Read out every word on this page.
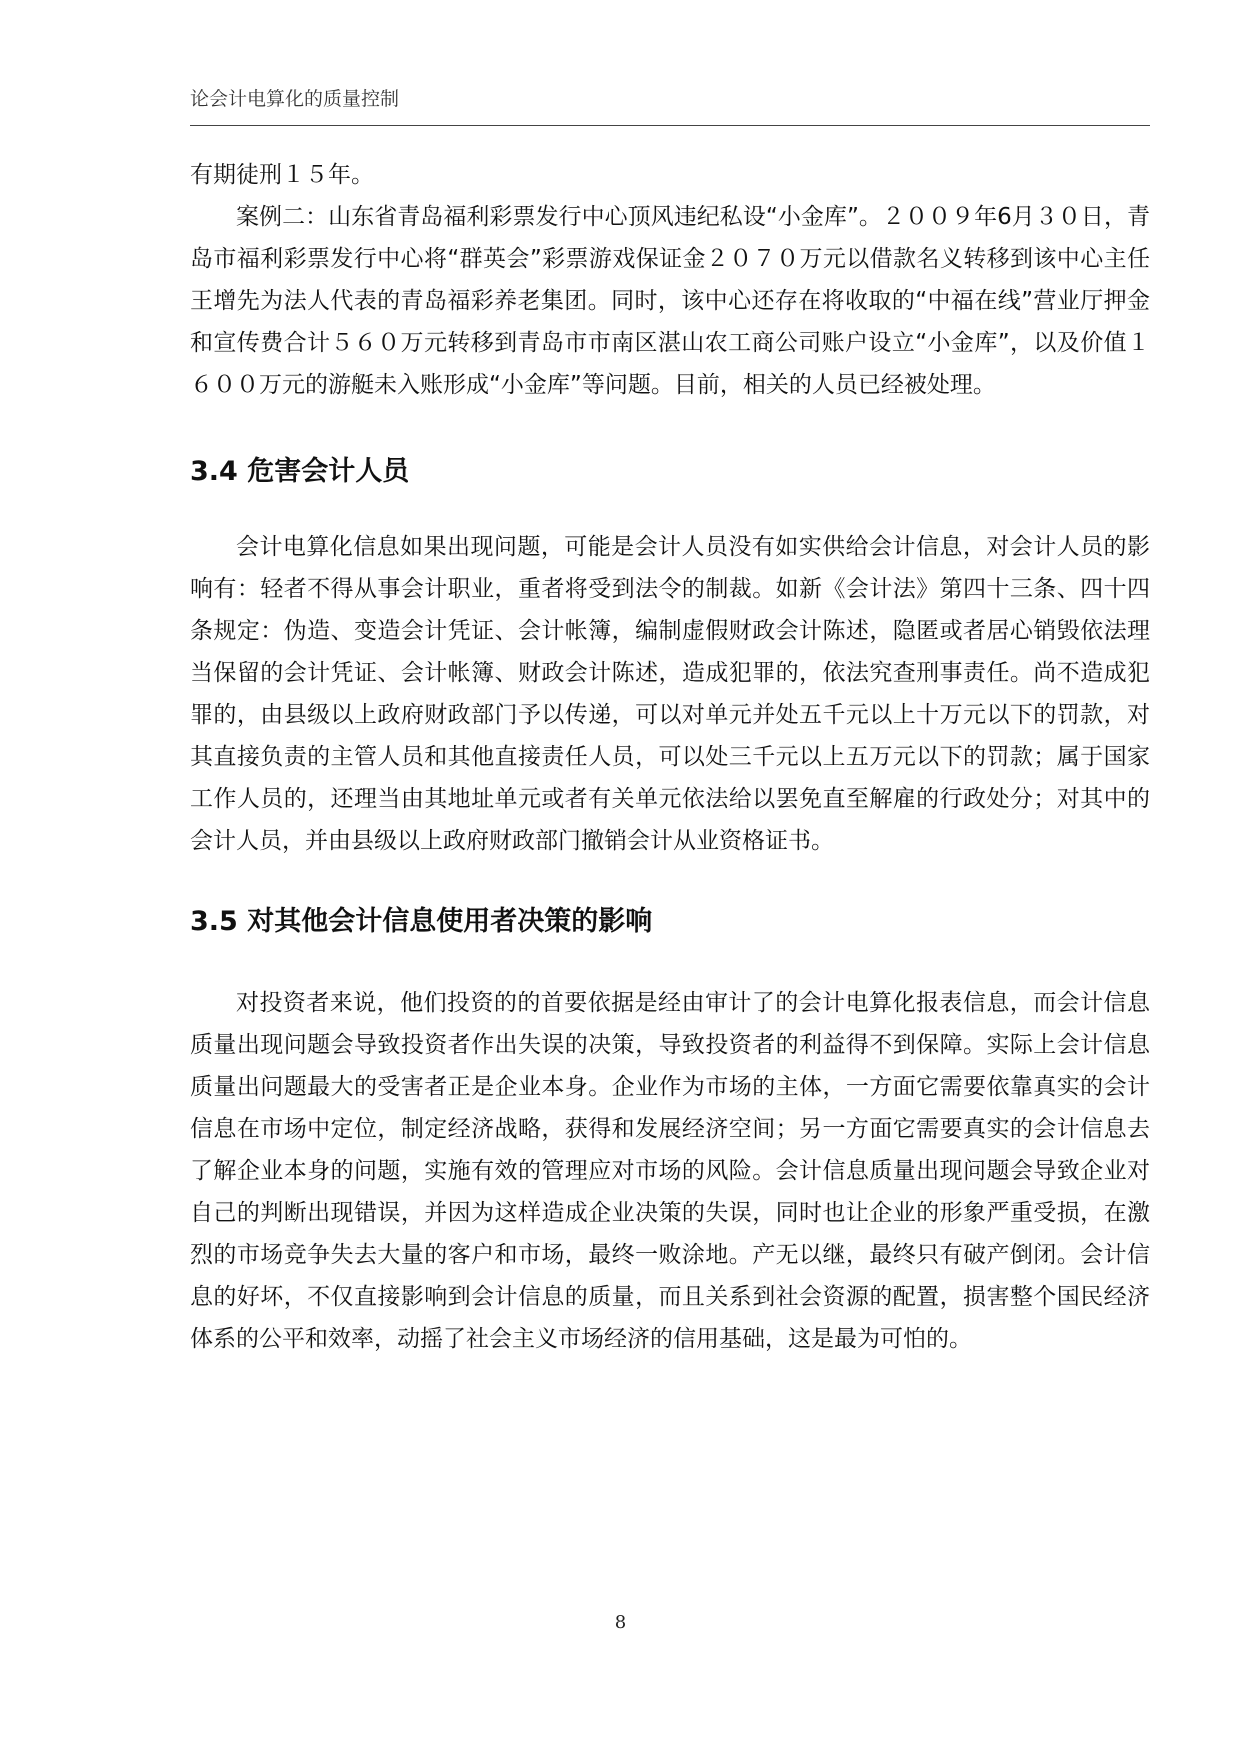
论会计电算化的质量控制

有期徒刑１５年。

案例二：山东省青岛福利彩票发行中心顶风违纪私设“小金库”。２００９年6月３０日，青岛市福利彩票发行中心将“群英会”彩票游戏保证金２０７０万元以借款名义转移到该中心主任王增先为法人代表的青岛福彩养老集团。同时，该中心还存在将收取的“中福在线”营业厅押金和宣传费合计５６０万元转移到青岛市市南区湛山农工商公司账户设立“小金库”，以及价值１６００万元的游艇未入账形成“小金库”等问题。目前，相关的人员已经被处理。

3.4 危害会计人员

会计电算化信息如果出现问题，可能是会计人员没有如实供给会计信息，对会计人员的影响有：轻者不得从事会计职业，重者将受到法令的制裁。如新《会计法》第四十三条、四十四条规定：伪造、变造会计凭证、会计帐簿，编制虚假财政会计陈述，隐匿或者居心销毁依法理当保留的会计凭证、会计帐簿、财政会计陈述，造成犯罪的，依法究查刑事责任。尚不造成犯罪的，由县级以上政府财政部门予以传递，可以对单元并处五千元以上十万元以下的罚款，对其直接负责的主管人员和其他直接责任人员，可以处三千元以上五万元以下的罚款；属于国家工作人员的，还理当由其地址单元或者有关单元依法给以罢免直至解雇的行政处分；对其中的会计人员，并由县级以上政府财政部门撤销会计从业资格证书。

3.5 对其他会计信息使用者决策的影响

对投资者来说，他们投资的的首要依据是经由审计了的会计电算化报表信息，而会计信息质量出现问题会导致投资者作出失误的决策，导致投资者的利益得不到保障。实际上会计信息质量出问题最大的受害者正是企业本身。企业作为市场的主体，一方面它需要依靠真实的会计信息在市场中定位，制定经济战略，获得和发展经济空间；另一方面它需要真实的会计信息去了解企业本身的问题，实施有效的管理应对市场的风险。会计信息质量出现问题会导致企业对自己的判断出现错误，并因为这样造成企业决策的失误，同时也让企业的形象严重受损，在激烈的市场竞争失去大量的客户和市场，最终一败涂地。产无以继，最终只有破产倒闭。会计信息的好坏，不仅直接影响到会计信息的质量，而且关系到社会资源的配置，损害整个国民经济体系的公平和效率，动摇了社会主义市场经济的信用基础，这是最为可怕的。

8
